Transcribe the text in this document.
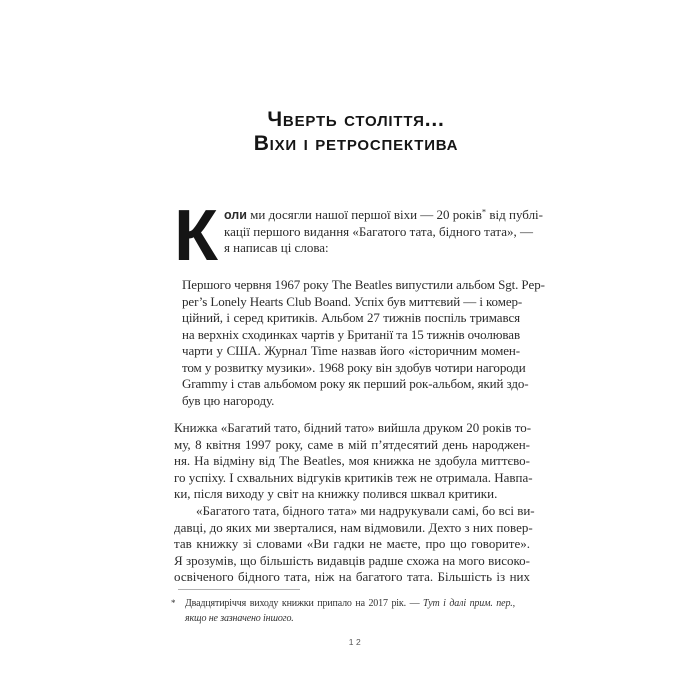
Чверть століття...
Віхи і ретроспектива
К оли ми досягли нашої першої віхи — 20 років* від публі-
кації першого видання «Багатого тата, бідного тата», —
я написав ці слова:
Першого червня 1967 року The Beatles випустили альбом Sgt. Pep-
per’s Lonely Hearts Club Boand. Успіх був миттєвий — і комер-
ційний, і серед критиків. Альбом 27 тижнів поспіль тримався
на верхніх сходинках чартів у Британії та 15 тижнів очолював
чарти у США. Журнал Time назвав його «історичним момен-
том у розвитку музики». 1968 року він здобув чотири нагороди
Grammy і став альбомом року як перший рок-альбом, який здо-
був цю нагороду.

Книжка «Багатий тато, бідний тато» вийшла друком 20 років то-
му, 8 квітня 1997 року, саме в мій п’ятдесятий день народжен-
ня. На відміну від The Beatles, моя книжка не здобула миттєво-
го успіху. І схвальних відгуків критиків теж не отримала. Навпа-
ки, після виходу у світ на книжку полився шквал критики.

«Багатого тата, бідного тата» ми надрукували самі, бо всі ви-
давці, до яких ми зверталися, нам відмовили. Дехто з них повер-
тав книжку зі словами «Ви гадки не маєте, про що говорите».
Я зрозумів, що більшість видавців радше схожа на мого високо-
освіченого бідного тата, ніж на багатого тата. Більшість із них

* Двадцятиріччя виходу книжки припало на 2017 рік. — Тут і далі прим. пер., якщо не зазначено іншого.
12
